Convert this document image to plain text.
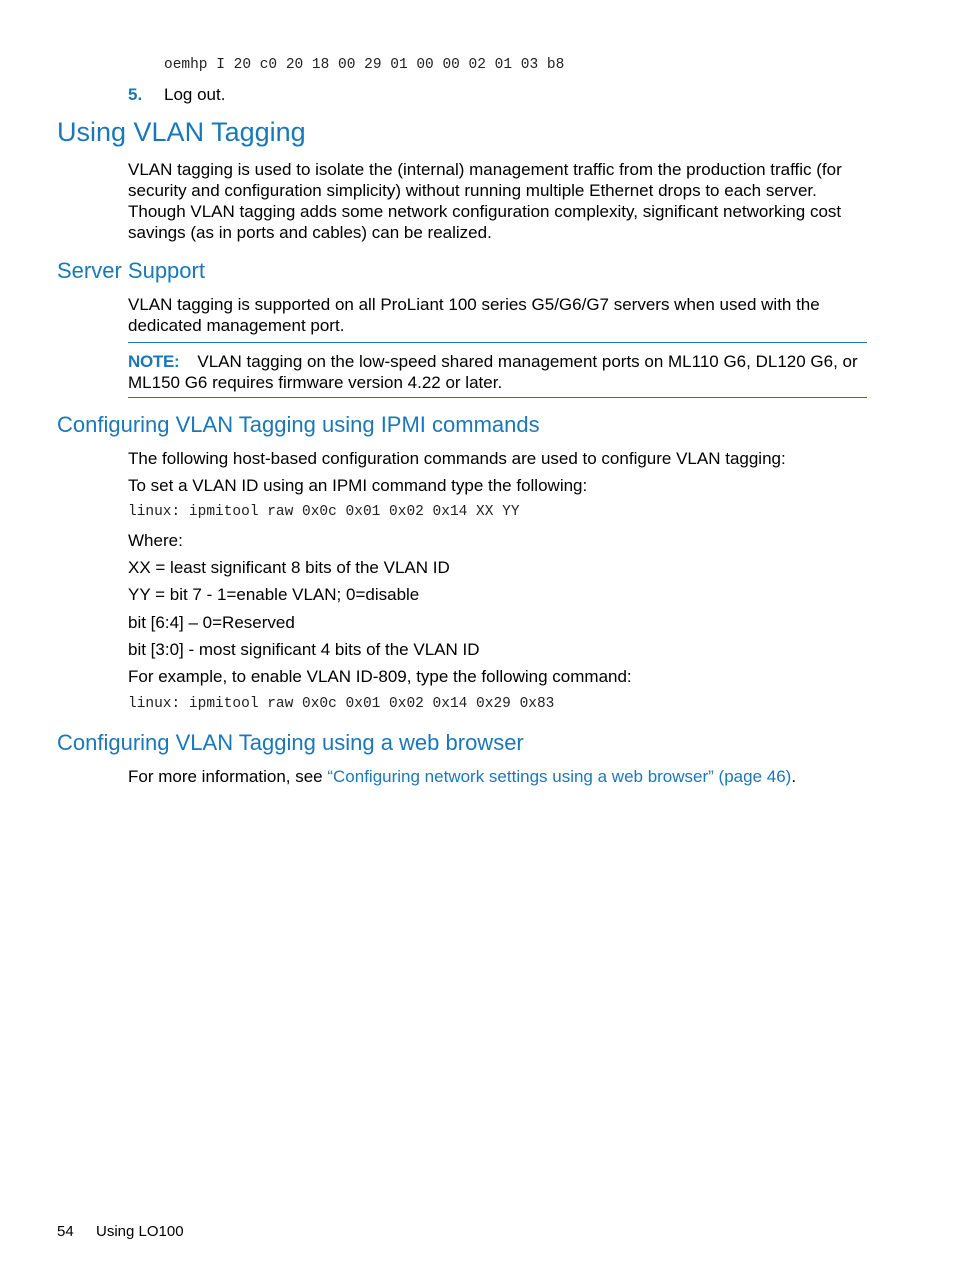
oemhp I 20 c0 20 18 00 29 01 00 00 02 01 03 b8
5. Log out.
Using VLAN Tagging
VLAN tagging is used to isolate the (internal) management traffic from the production traffic (for security and configuration simplicity) without running multiple Ethernet drops to each server. Though VLAN tagging adds some network configuration complexity, significant networking cost savings (as in ports and cables) can be realized.
Server Support
VLAN tagging is supported on all ProLiant 100 series G5/G6/G7 servers when used with the dedicated management port.
NOTE: VLAN tagging on the low-speed shared management ports on ML110 G6, DL120 G6, or ML150 G6 requires firmware version 4.22 or later.
Configuring VLAN Tagging using IPMI commands
The following host-based configuration commands are used to configure VLAN tagging:
To set a VLAN ID using an IPMI command type the following:
linux: ipmitool raw 0x0c 0x01 0x02 0x14 XX YY
Where:
XX = least significant 8 bits of the VLAN ID
YY = bit 7 - 1=enable VLAN; 0=disable
bit [6:4] – 0=Reserved
bit [3:0] - most significant 4 bits of the VLAN ID
For example, to enable VLAN ID-809, type the following command:
linux: ipmitool raw 0x0c 0x01 0x02 0x14 0x29 0x83
Configuring VLAN Tagging using a web browser
For more information, see “Configuring network settings using a web browser” (page 46).
54 Using LO100
